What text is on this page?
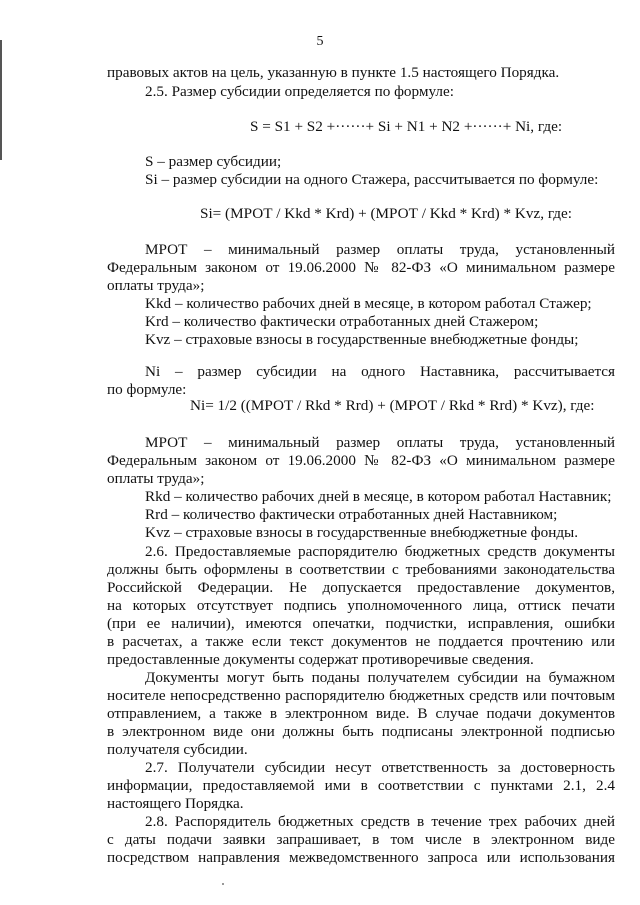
5
правовых актов на цель, указанную в пункте 1.5 настоящего Порядка.
2.5. Размер субсидии определяется по формуле:
S = S1 + S2 +······+ Si + N1 + N2 +······+ Ni, где:
S – размер субсидии;
Si – размер субсидии на одного Стажера, рассчитывается по формуле:
Si= (МРОТ / Kkd * Krd) + (МРОТ / Kkd * Krd) * Kvz, где:
МРОТ – минимальный размер оплаты труда, установленный
Федеральным законом от 19.06.2000 № 82-ФЗ «О минимальном размере
оплаты труда»;
Kkd – количество рабочих дней в месяце, в котором работал Стажер;
Krd – количество фактически отработанных дней Стажером;
Kvz – страховые взносы в государственные внебюджетные фонды;
Ni – размер субсидии на одного Наставника, рассчитывается
по формуле:
Ni= 1/2 ((МРОТ / Rkd * Rrd) + (МРОТ / Rkd * Rrd) * Kvz), где:
МРОТ – минимальный размер оплаты труда, установленный
Федеральным законом от 19.06.2000 № 82-ФЗ «О минимальном размере
оплаты труда»;
Rkd – количество рабочих дней в месяце, в котором работал Наставник;
Rrd – количество фактически отработанных дней Наставником;
Kvz – страховые взносы в государственные внебюджетные фонды.
2.6. Предоставляемые распорядителю бюджетных средств документы
должны быть оформлены в соответствии с требованиями законодательства
Российской Федерации. Не допускается предоставление документов,
на которых отсутствует подпись уполномоченного лица, оттиск печати
(при ее наличии), имеются опечатки, подчистки, исправления, ошибки
в расчетах, а также если текст документов не поддается прочтению или
предоставленные документы содержат противоречивые сведения.
Документы могут быть поданы получателем субсидии на бумажном
носителе непосредственно распорядителю бюджетных средств или почтовым
отправлением, а также в электронном виде. В случае подачи документов
в электронном виде они должны быть подписаны электронной подписью
получателя субсидии.
2.7. Получатели субсидии несут ответственность за достоверность
информации, предоставляемой ими в соответствии с пунктами 2.1, 2.4
настоящего Порядка.
2.8. Распорядитель бюджетных средств в течение трех рабочих дней
с даты подачи заявки запрашивает, в том числе в электронном виде
посредством направления межведомственного запроса или использования
